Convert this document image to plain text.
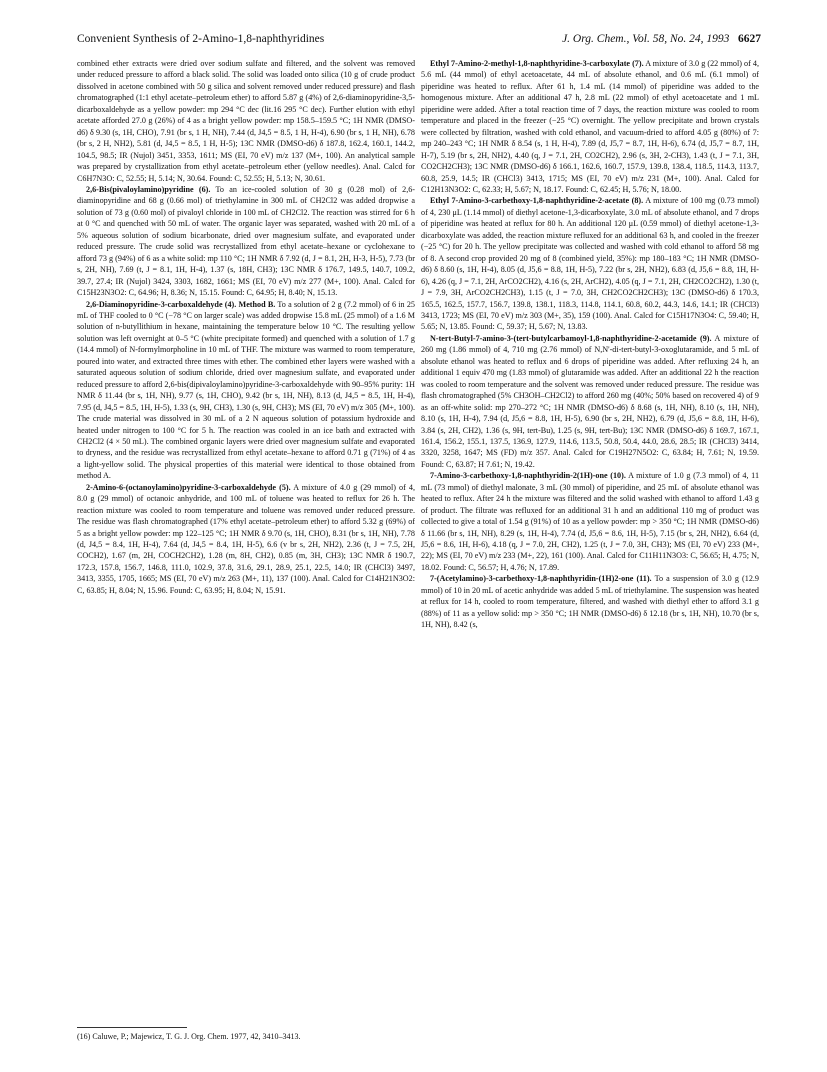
Convenient Synthesis of 2-Amino-1,8-naphthyridines	J. Org. Chem., Vol. 58, No. 24, 1993 6627

combined ether extracts were dried over sodium sulfate and filtered, and the solvent was removed under reduced pressure to afford a black solid. The solid was loaded onto silica (10 g of crude product dissolved in acetone combined with 50 g silica and solvent removed under reduced pressure) and flash chromatographed (1:1 ethyl acetate–petroleum ether) to afford 5.87 g (4%) of 2,6-diaminopyridine-3,5-dicarboxaldehyde as a yellow powder: mp 294 °C dec (lit.16 295 °C dec). Further elution with ethyl acetate afforded 27.0 g (26%) of 4 as a bright yellow powder: mp 158.5–159.5 °C; 1H NMR (DMSO-d6) δ 9.30 (s, 1H, CHO), 7.91 (br s, 1 H, NH), 7.44 (d, J4,5 = 8.5, 1 H, H-4), 6.90 (br s, 1 H, NH), 6.78 (br s, 2 H, NH2), 5.81 (d, J4,5 = 8.5, 1 H, H-5); 13C NMR (DMSO-d6) δ 187.8, 162.4, 160.1, 144.2, 104.5, 98.5; IR (Nujol) 3451, 3353, 1611; MS (EI, 70 eV) m/z 137 (M+, 100). An analytical sample was prepared by crystallization from ethyl acetate–petroleum ether (yellow needles). Anal. Calcd for C6H7N3O: C, 52.55; H, 5.14; N, 30.64. Found: C, 52.55; H, 5.13; N, 30.61.

2,6-Bis(pivaloylamino)pyridine (6). To an ice-cooled solution of 30 g (0.28 mol) of 2,6-diaminopyridine and 68 g (0.66 mol) of triethylamine in 300 mL of CH2Cl2 was added dropwise a solution of 73 g (0.60 mol) of pivaloyl chloride in 100 mL of CH2Cl2. The reaction was stirred for 6 h at 0 °C and quenched with 50 mL of water. The organic layer was separated, washed with 20 mL of a 5% aqueous solution of sodium bicarbonate, dried over magnesium sulfate, and evaporated under reduced pressure. The crude solid was recrystallized from ethyl acetate–hexane or cyclohexane to afford 73 g (94%) of 6 as a white solid: mp 110 °C; 1H NMR δ 7.92 (d, J = 8.1, 2H, H-3, H-5), 7.73 (br s, 2H, NH), 7.69 (t, J = 8.1, 1H, H-4), 1.37 (s, 18H, CH3); 13C NMR δ 176.7, 149.5, 140.7, 109.2, 39.7, 27.4; IR (Nujol) 3424, 3303, 1682, 1661; MS (EI, 70 eV) m/z 277 (M+, 100). Anal. Calcd for C15H23N3O2: C, 64.96; H, 8.36; N, 15.15. Found: C, 64.95; H, 8.40; N, 15.13.

2,6-Diaminopyridine-3-carboxaldehyde (4). Method B. To a solution of 2 g (7.2 mmol) of 6 in 25 mL of THF cooled to 0 °C (−78 °C on larger scale) was added dropwise 15.8 mL (25 mmol) of a 1.6 M solution of n-butyllithium in hexane, maintaining the temperature below 10 °C. The resulting yellow solution was left overnight at 0–5 °C (white precipitate formed) and quenched with a solution of 1.7 g (14.4 mmol) of N-formylmorpholine in 10 mL of THF. The mixture was warmed to room temperature, poured into water, and extracted three times with ether. The combined ether layers were washed with a saturated aqueous solution of sodium chloride, dried over magnesium sulfate, and evaporated under reduced pressure to afford 2,6-bis(dipivaloylamino)pyridine-3-carboxaldehyde with 90–95% purity: 1H NMR δ 11.44 (br s, 1H, NH), 9.77 (s, 1H, CHO), 9.42 (br s, 1H, NH), 8.13 (d, J4,5 = 8.5, 1H, H-4), 7.95 (d, J4,5 = 8.5, 1H, H-5), 1.33 (s, 9H, CH3), 1.30 (s, 9H, CH3); MS (EI, 70 eV) m/z 305 (M+, 100). The crude material was dissolved in 30 mL of a 2 N aqueous solution of potassium hydroxide and heated under nitrogen to 100 °C for 5 h. The reaction was cooled in an ice bath and extracted with CH2Cl2 (4 × 50 mL). The combined organic layers were dried over magnesium sulfate and evaporated to dryness, and the residue was recrystallized from ethyl acetate–hexane to afford 0.71 g (71%) of 4 as a light-yellow solid. The physical properties of this material were identical to those obtained from method A.

2-Amino-6-(octanoylamino)pyridine-3-carboxaldehyde (5). A mixture of 4.0 g (29 mmol) of 4, 8.0 g (29 mmol) of octanoic anhydride, and 100 mL of toluene was heated to reflux for 26 h. The reaction mixture was cooled to room temperature and toluene was removed under reduced pressure. The residue was flash chromatographed (17% ethyl acetate–petroleum ether) to afford 5.32 g (69%) of 5 as a bright yellow powder: mp 122–125 °C; 1H NMR δ 9.70 (s, 1H, CHO), 8.31 (br s, 1H, NH), 7.78 (d, J4,5 = 8.4, 1H, H-4), 7.64 (d, J4,5 = 8.4, 1H, H-5), 6.6 (v br s, 2H, NH2), 2.36 (t, J = 7.5, 2H, COCH2), 1.67 (m, 2H, COCH2CH2), 1.28 (m, 8H, CH2), 0.85 (m, 3H, CH3); 13C NMR δ 190.7, 172.3, 157.8, 156.7, 146.8, 111.0, 102.9, 37.8, 31.6, 29.1, 28.9, 25.1, 22.5, 14.0; IR (CHCl3) 3497, 3413, 3355, 1705, 1665; MS (EI, 70 eV) m/z 263 (M+, 11), 137 (100). Anal. Calcd for C14H21N3O2: C, 63.85; H, 8.04; N, 15.96. Found: C, 63.95; H, 8.04; N, 15.91.

Ethyl 7-Amino-2-methyl-1,8-naphthyridine-3-carboxylate (7). A mixture of 3.0 g (22 mmol) of 4, 5.6 mL (44 mmol) of ethyl acetoacetate, 44 mL of absolute ethanol, and 0.6 mL (6.1 mmol) of piperidine was heated to reflux. After 61 h, 1.4 mL (14 mmol) of piperidine was added to the homogenous mixture. After an additional 47 h, 2.8 mL (22 mmol) of ethyl acetoacetate and 1 mL piperidine were added. After a total reaction time of 7 days, the reaction mixture was cooled to room temperature and placed in the freezer (−25 °C) overnight. The yellow precipitate and brown crystals were collected by filtration, washed with cold ethanol, and vacuum-dried to afford 4.05 g (80%) of 7: mp 240–243 °C; 1H NMR δ 8.54 (s, 1 H, H-4), 7.89 (d, J5,7 = 8.7, 1H, H-6), 6.74 (d, J5,7 = 8.7, 1H, H-7), 5.19 (br s, 2H, NH2), 4.40 (q, J = 7.1, 2H, CO2CH2), 2.96 (s, 3H, 2-CH3), 1.43 (t, J = 7.1, 3H, CO2CH2CH3); 13C NMR (DMSO-d6) δ 166.1, 162.6, 160.7, 157.9, 139.8, 138.4, 118.5, 114.3, 113.7, 60.8, 25.9, 14.5; IR (CHCl3) 3413, 1715; MS (EI, 70 eV) m/z 231 (M+, 100). Anal. Calcd for C12H13N3O2: C, 62.33; H, 5.67; N, 18.17. Found: C, 62.45; H, 5.76; N, 18.00.

Ethyl 7-Amino-3-carbethoxy-1,8-naphthyridine-2-acetate (8). A mixture of 100 mg (0.73 mmol) of 4, 230 μL (1.14 mmol) of diethyl acetone-1,3-dicarboxylate, 3.0 mL of absolute ethanol, and 7 drops of piperidine was heated at reflux for 80 h. An additional 120 μL (0.59 mmol) of diethyl acetone-1,3-dicarboxylate was added, the reaction mixture refluxed for an additional 63 h, and cooled in the freezer (−25 °C) for 20 h. The yellow precipitate was collected and washed with cold ethanol to afford 58 mg of 8. A second crop provided 20 mg of 8 (combined yield, 35%): mp 180–183 °C; 1H NMR (DMSO-d6) δ 8.60 (s, 1H, H-4), 8.05 (d, J5,6 = 8.8, 1H, H-5), 7.22 (br s, 2H, NH2), 6.83 (d, J5,6 = 8.8, 1H, H-6), 4.26 (q, J = 7.1, 2H, ArCO2CH2), 4.16 (s, 2H, ArCH2), 4.05 (q, J = 7.1, 2H, CH2CO2CH2), 1.30 (t, J = 7.9, 3H, ArCO2CH2CH3), 1.15 (t, J = 7.0, 3H, CH2CO2CH2CH3); 13C (DMSO-d6) δ 170.3, 165.5, 162.5, 157.7, 156.7, 139.8, 138.1, 118.3, 114.8, 114.1, 60.8, 60.2, 44.3, 14.6, 14.1; IR (CHCl3) 3413, 1723; MS (EI, 70 eV) m/z 303 (M+, 35), 159 (100). Anal. Calcd for C15H17N3O4: C, 59.40; H, 5.65; N, 13.85. Found: C, 59.37; H, 5.67; N, 13.83.

N-tert-Butyl-7-amino-3-(tert-butylcarbamoyl-1,8-naphthyridine-2-acetamide (9). A mixture of 260 mg (1.86 mmol) of 4, 710 mg (2.76 mmol) of N,N'-di-tert-butyl-3-oxoglutaramide, and 5 mL of absolute ethanol was heated to reflux and 6 drops of piperidine was added. After refluxing 24 h, an additional 1 equiv 470 mg (1.83 mmol) of glutaramide was added. After an additional 22 h the reaction was cooled to room temperature and the solvent was removed under reduced pressure. The residue was flash chromatographed (5% CH3OH–CH2Cl2) to afford 260 mg (40%; 50% based on recovered 4) of 9 as an off-white solid: mp 270–272 °C; 1H NMR (DMSO-d6) δ 8.68 (s, 1H, NH), 8.10 (s, 1H, NH), 8.10 (s, 1H, H-4), 7.94 (d, J5,6 = 8.8, 1H, H-5), 6.90 (br s, 2H, NH2), 6.79 (d, J5,6 = 8.8, 1H, H-6), 3.84 (s, 2H, CH2), 1.36 (s, 9H, tert-Bu), 1.25 (s, 9H, tert-Bu); 13C NMR (DMSO-d6) δ 169.7, 167.1, 161.4, 156.2, 155.1, 137.5, 136.9, 127.9, 114.6, 113.5, 50.8, 50.4, 44.0, 28.6, 28.5; IR (CHCl3) 3414, 3320, 3258, 1647; MS (FD) m/z 357. Anal. Calcd for C19H27N5O2: C, 63.84; H, 7.61; N, 19.59. Found: C, 63.87; H 7.61; N, 19.42.

7-Amino-3-carbethoxy-1,8-naphthyridin-2(1H)-one (10). A mixture of 1.0 g (7.3 mmol) of 4, 11 mL (73 mmol) of diethyl malonate, 3 mL (30 mmol) of piperidine, and 25 mL of absolute ethanol was heated to reflux. After 24 h the mixture was filtered and the solid washed with ethanol to afford 1.43 g of product. The filtrate was refluxed for an additional 31 h and an additional 110 mg of product was collected to give a total of 1.54 g (91%) of 10 as a yellow powder: mp > 350 °C; 1H NMR (DMSO-d6) δ 11.66 (br s, 1H, NH), 8.29 (s, 1H, H-4), 7.74 (d, J5,6 = 8.6, 1H, H-5), 7.15 (br s, 2H, NH2), 6.64 (d, J5,6 = 8.6, 1H, H-6), 4.18 (q, J = 7.0, 2H, CH2), 1.25 (t, J = 7.0, 3H, CH3); MS (EI, 70 eV) 233 (M+, 22); MS (EI, 70 eV) m/z 233 (M+, 22), 161 (100). Anal. Calcd for C11H11N3O3: C, 56.65; H, 4.75; N, 18.02. Found: C, 56.57; H, 4.76; N, 17.89.

7-(Acetylamino)-3-carbethoxy-1,8-naphthyridin-(1H)2-one (11). To a suspension of 3.0 g (12.9 mmol) of 10 in 20 mL of acetic anhydride was added 5 mL of triethylamine. The suspension was heated at reflux for 14 h, cooled to room temperature, filtered, and washed with diethyl ether to afford 3.1 g (88%) of 11 as a yellow solid: mp > 350 °C; 1H NMR (DMSO-d6) δ 12.18 (br s, 1H, NH), 10.70 (br s, 1H, NH), 8.42 (s,

(16) Caluwe, P.; Majewicz, T. G. J. Org. Chem. 1977, 42, 3410–3413.
